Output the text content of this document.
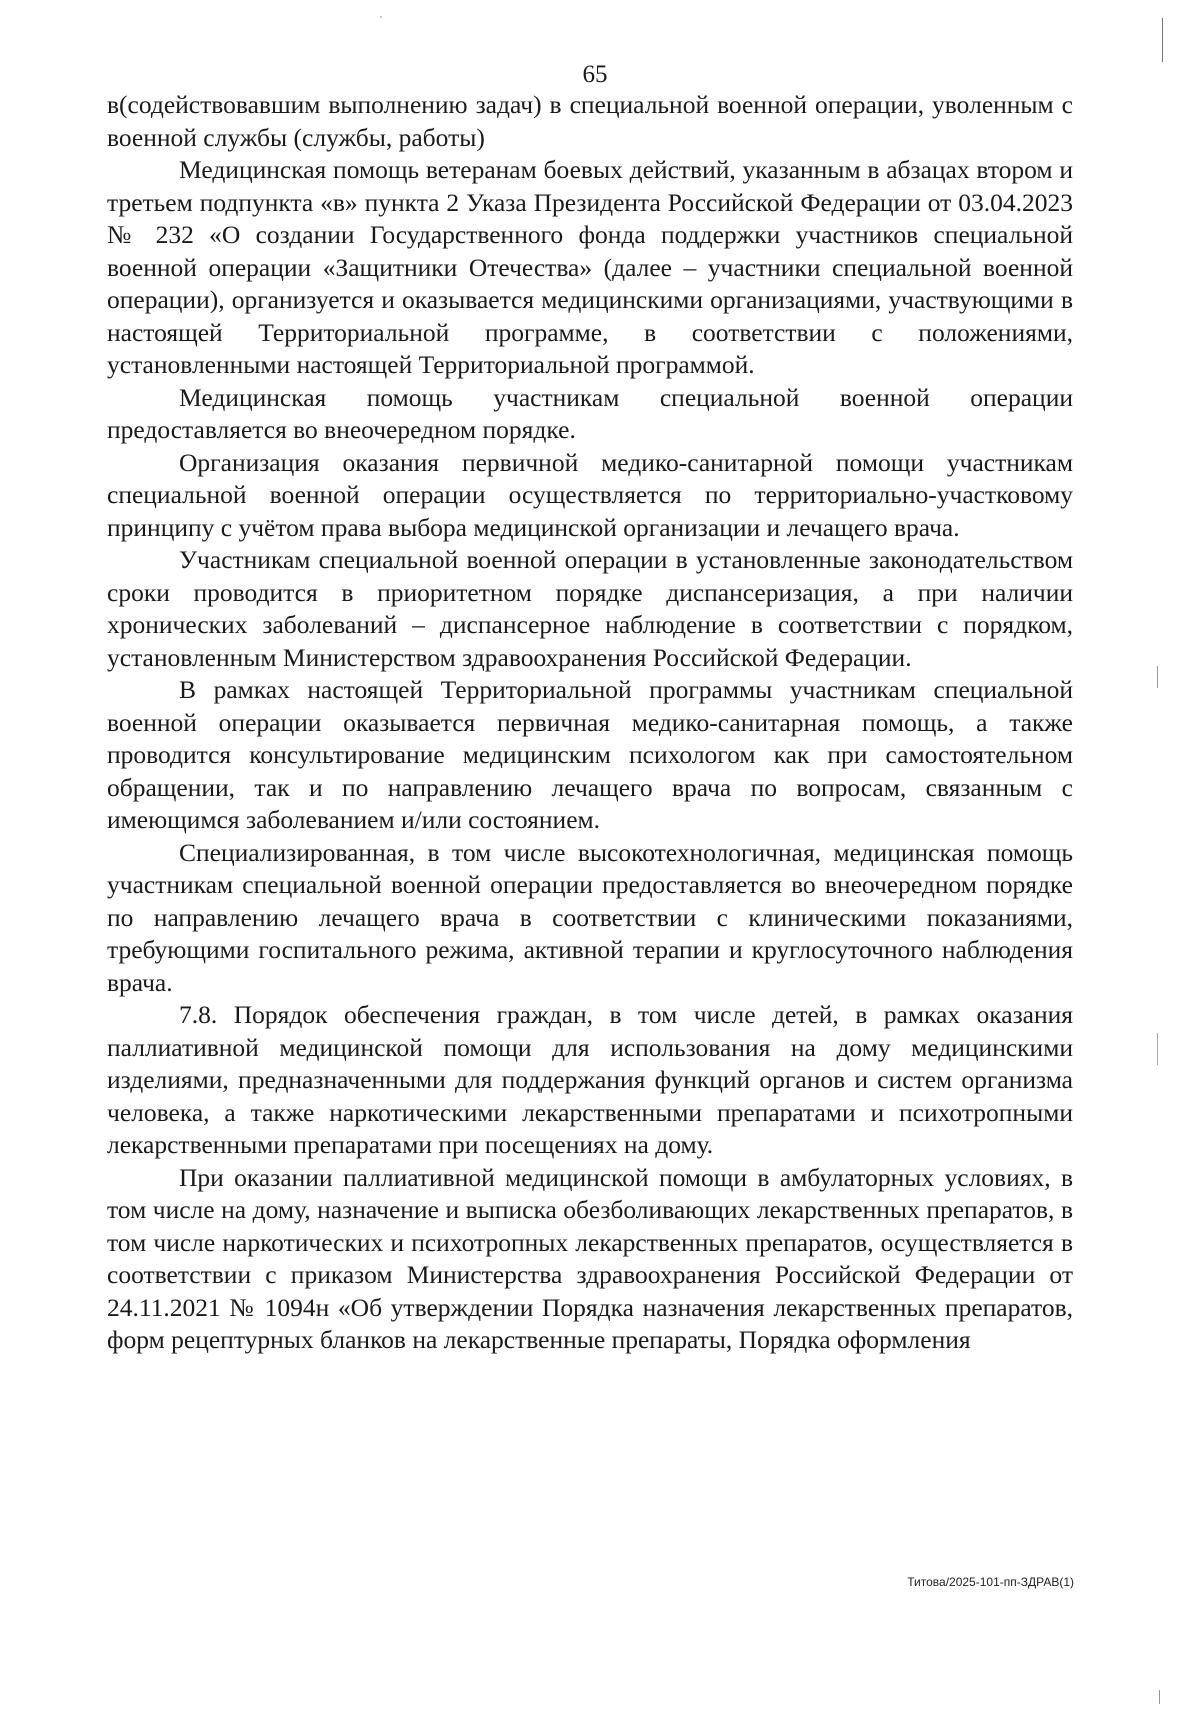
65

в(содействовавшим выполнению задач) в специальной военной операции, уволенным с военной службы (службы, работы)

Медицинская помощь ветеранам боевых действий, указанным в абзацах втором и третьем подпункта «в» пункта 2 Указа Президента Российской Федерации от 03.04.2023 № 232 «О создании Государственного фонда поддержки участников специальной военной операции «Защитники Отечества» (далее – участники специальной военной операции), организуется и оказывается медицинскими организациями, участвующими в настоящей Территориальной программе, в соответствии с положениями, установленными настоящей Территориальной программой.

Медицинская помощь участникам специальной военной операции предоставляется во внеочередном порядке.

Организация оказания первичной медико-санитарной помощи участникам специальной военной операции осуществляется по территориально-участковому принципу с учётом права выбора медицинской организации и лечащего врача.

Участникам специальной военной операции в установленные законодательством сроки проводится в приоритетном порядке диспансеризация, а при наличии хронических заболеваний – диспансерное наблюдение в соответствии с порядком, установленным Министерством здравоохранения Российской Федерации.

В рамках настоящей Территориальной программы участникам специальной военной операции оказывается первичная медико-санитарная помощь, а также проводится консультирование медицинским психологом как при самостоятельном обращении, так и по направлению лечащего врача по вопросам, связанным с имеющимся заболеванием и/или состоянием.

Специализированная, в том числе высокотехнологичная, медицинская помощь участникам специальной военной операции предоставляется во внеочередном порядке по направлению лечащего врача в соответствии с клиническими показаниями, требующими госпитального режима, активной терапии и круглосуточного наблюдения врача.

7.8. Порядок обеспечения граждан, в том числе детей, в рамках оказания паллиативной медицинской помощи для использования на дому медицинскими изделиями, предназначенными для поддержания функций органов и систем организма человека, а также наркотическими лекарственными препаратами и психотропными лекарственными препаратами при посещениях на дому.

При оказании паллиативной медицинской помощи в амбулаторных условиях, в том числе на дому, назначение и выписка обезболивающих лекарственных препаратов, в том числе наркотических и психотропных лекарственных препаратов, осуществляется в соответствии с приказом Министерства здравоохранения Российской Федерации от 24.11.2021 № 1094н «Об утверждении Порядка назначения лекарственных препаратов, форм рецептурных бланков на лекарственные препараты, Порядка оформления

Титова/2025-101-пп-ЗДРАВ(1)
